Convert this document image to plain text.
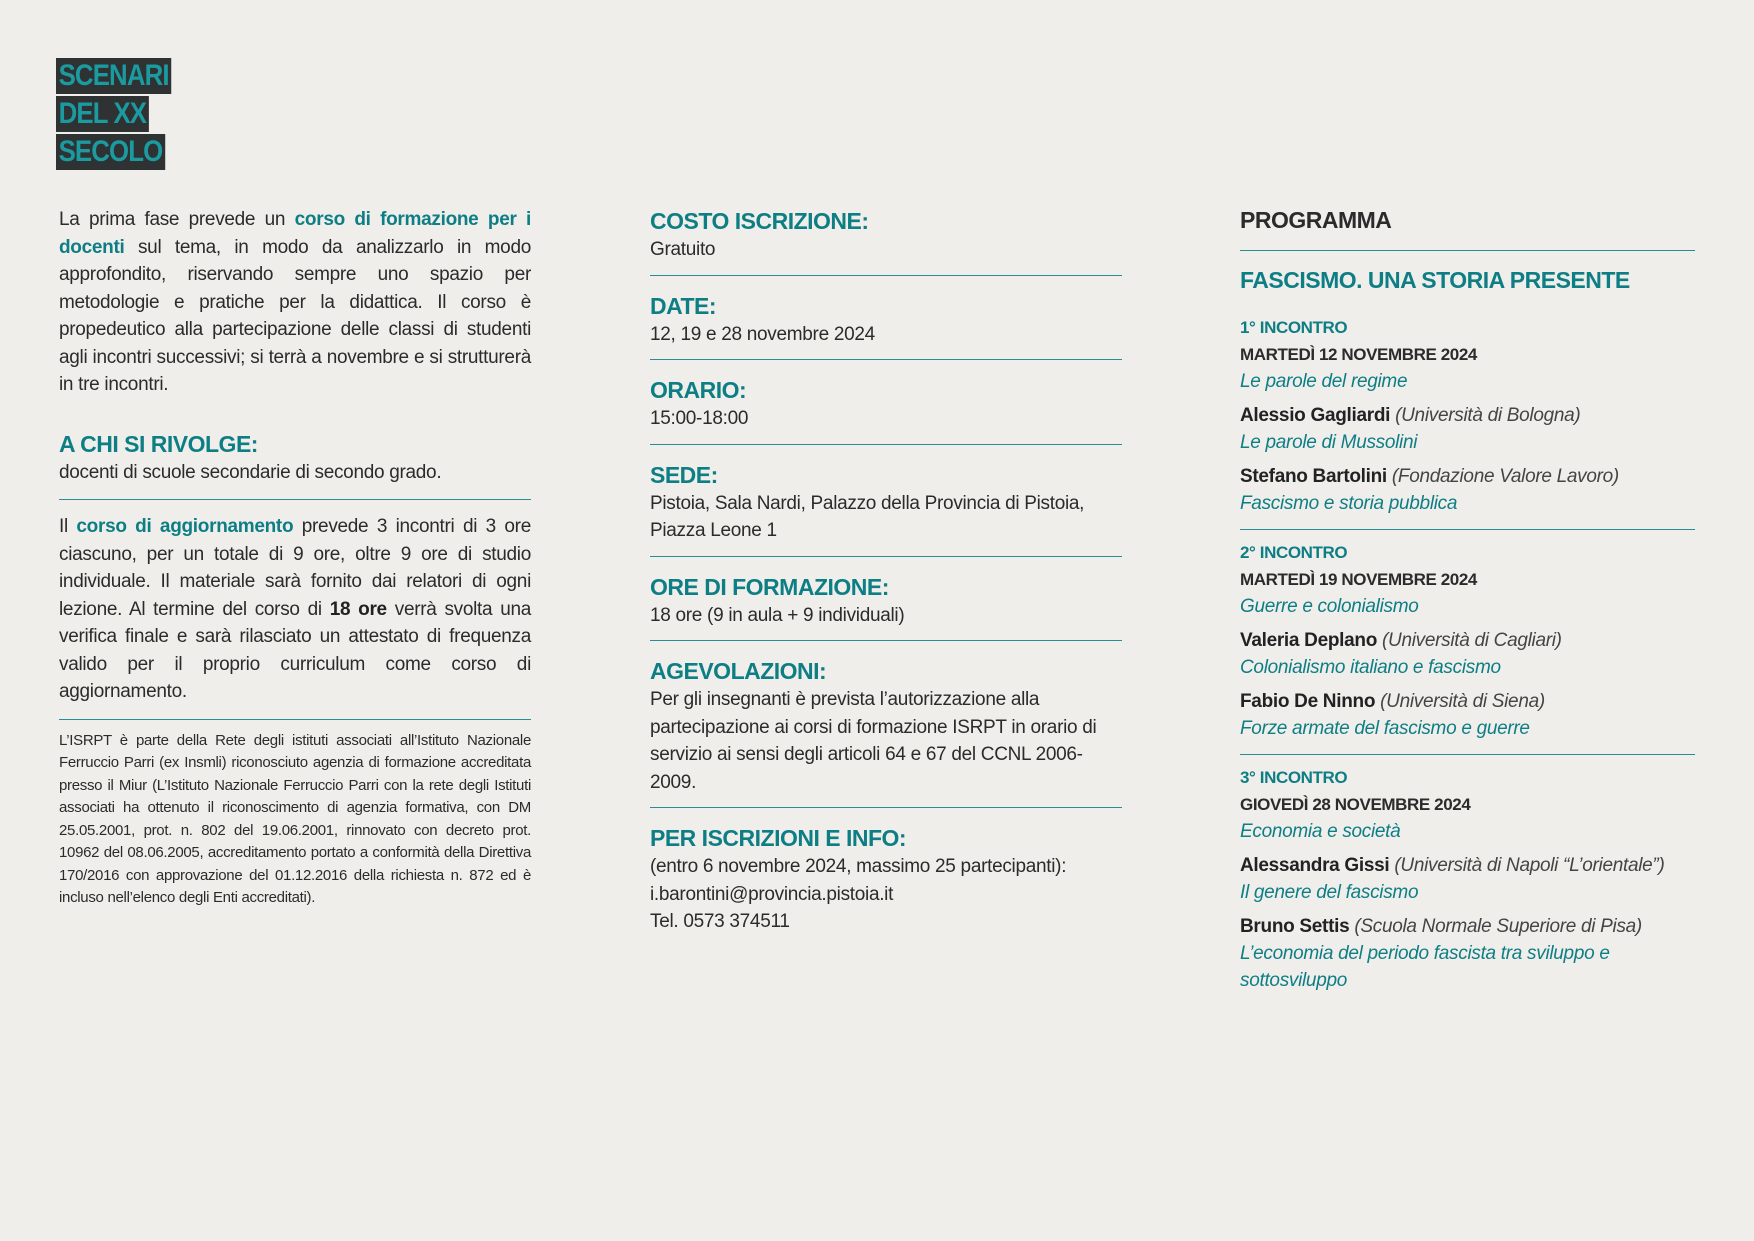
SCENARI
DEL XX
SECOLO

La prima fase prevede un corso di formazione per i docenti sul tema, in modo da analizzarlo in modo approfondito, riservando sempre uno spazio per metodologie e pratiche per la didattica. Il corso è propedeutico alla partecipazione delle classi di studenti agli incontri successivi; si terrà a novembre e si strutturerà in tre incontri.

A CHI SI RIVOLGE:
docenti di scuole secondarie di secondo grado.

Il corso di aggiornamento prevede 3 incontri di 3 ore ciascuno, per un totale di 9 ore, oltre 9 ore di studio individuale. Il materiale sarà fornito dai relatori di ogni lezione. Al termine del corso di 18 ore verrà svolta una verifica finale e sarà rilasciato un attestato di frequenza valido per il proprio curriculum come corso di aggiornamento.

L’ISRPT è parte della Rete degli istituti associati all’Istituto Nazionale Ferruccio Parri (ex Insmli) riconosciuto agenzia di formazione accreditata presso il Miur (L’Istituto Nazionale Ferruccio Parri con la rete degli Istituti associati ha ottenuto il riconoscimento di agenzia formativa, con DM 25.05.2001, prot. n. 802 del 19.06.2001, rinnovato con decreto prot. 10962 del 08.06.2005, accreditamento portato a conformità della Direttiva 170/2016 con approvazione del 01.12.2016 della richiesta n. 872 ed è incluso nell’elenco degli Enti accreditati).

COSTO ISCRIZIONE:
Gratuito
DATE:
12, 19 e 28 novembre 2024
ORARIO:
15:00-18:00
SEDE:
Pistoia, Sala Nardi, Palazzo della Provincia di Pistoia,
Piazza Leone 1
ORE DI FORMAZIONE:
18 ore (9 in aula + 9 individuali)
AGEVOLAZIONI:
Per gli insegnanti è prevista l’autorizzazione alla
partecipazione ai corsi di formazione ISRPT in orario di
servizio ai sensi degli articoli 64 e 67 del CCNL 2006-2009.
PER ISCRIZIONI E INFO:
(entro 6 novembre 2024, massimo 25 partecipanti):
i.barontini@provincia.pistoia.it
Tel. 0573 374511
PROGRAMMA
FASCISMO. UNA STORIA PRESENTE
1° INCONTRO
MARTEDÌ 12 NOVEMBRE 2024
Le parole del regime
Alessio Gagliardi (Università di Bologna)
Le parole di Mussolini
Stefano Bartolini (Fondazione Valore Lavoro)
Fascismo e storia pubblica
2° INCONTRO
MARTEDÌ 19 NOVEMBRE 2024
Guerre e colonialismo
Valeria Deplano (Università di Cagliari)
Colonialismo italiano e fascismo
Fabio De Ninno (Università di Siena)
Forze armate del fascismo e guerre
3° INCONTRO
GIOVEDÌ 28 NOVEMBRE 2024
Economia e società
Alessandra Gissi (Università di Napoli “L’orientale”)
Il genere del fascismo
Bruno Settis (Scuola Normale Superiore di Pisa)
L’economia del periodo fascista tra sviluppo e sottosviluppo
